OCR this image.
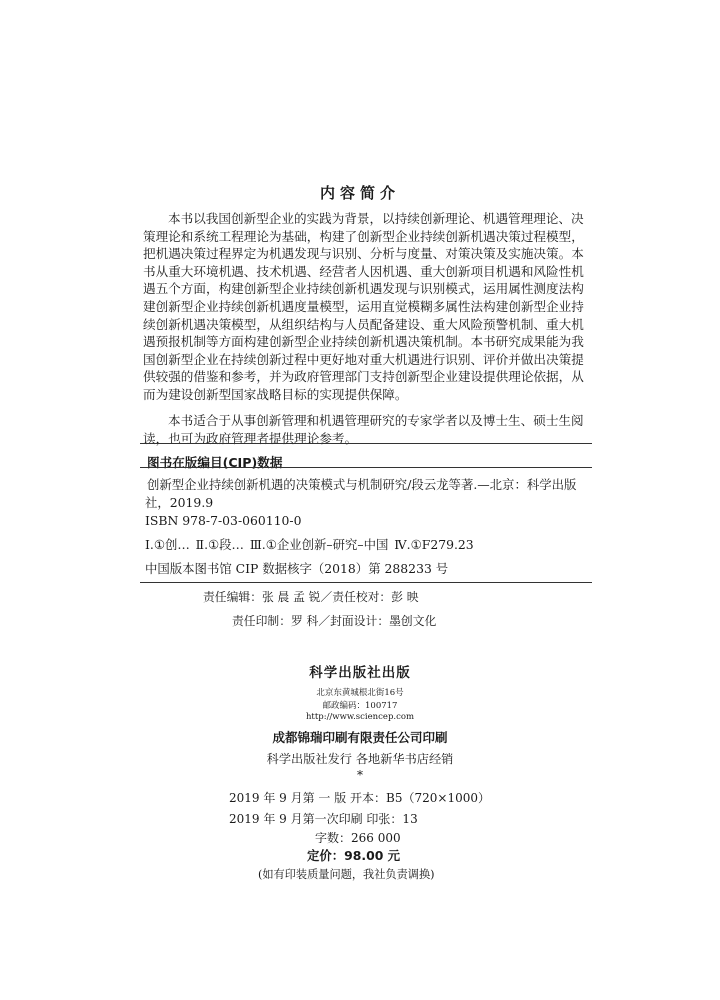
内容简介
本书以我国创新型企业的实践为背景，以持续创新理论、机遇管理理论、决策理论和系统工程理论为基础，构建了创新型企业持续创新机遇决策过程模型，把机遇决策过程界定为机遇发现与识别、分析与度量、对策决策及实施决策。本书从重大环境机遇、技术机遇、经营者人因机遇、重大创新项目机遇和风险性机遇五个方面，构建创新型企业持续创新机遇发现与识别模式，运用属性测度法构建创新型企业持续创新机遇度量模型，运用直觉模糊多属性法构建创新型企业持续创新机遇决策模型，从组织结构与人员配备建设、重大风险预警机制、重大机遇预报机制等方面构建创新型企业持续创新机遇决策机制。本书研究成果能为我国创新型企业在持续创新过程中更好地对重大机遇进行识别、评价并做出决策提供较强的借鉴和参考，并为政府管理部门支持创新型企业建设提供理论依据，从而为建设创新型国家战略目标的实现提供保障。
本书适合于从事创新管理和机遇管理研究的专家学者以及博士生、硕士生阅读，也可为政府管理者提供理论参考。
图书在版编目(CIP)数据
创新型企业持续创新机遇的决策模式与机制研究/段云龙等著.—北京：科学出版社，2019.9
ISBN 978-7-03-060110-0
Ⅰ.①创… Ⅱ.①段… Ⅲ.①企业创新–研究–中国 Ⅳ.①F279.23
中国版本图书馆 CIP 数据核字（2018）第 288233 号
责任编辑：张 晨 孟 锐／责任校对：彭 映
责任印制：罗 科／封面设计：墨创文化
科学出版社出版
北京东黄城根北街16号
邮政编码：100717
http://www.sciencep.com
成都锦瑞印刷有限责任公司印刷
科学出版社发行 各地新华书店经销
*
2019 年 9 月第 一 版 开本：B5（720×1000）
2019 年 9 月第一次印刷 印张：13
字数：266 000
定价：98.00 元
(如有印装质量问题，我社负责调换)
